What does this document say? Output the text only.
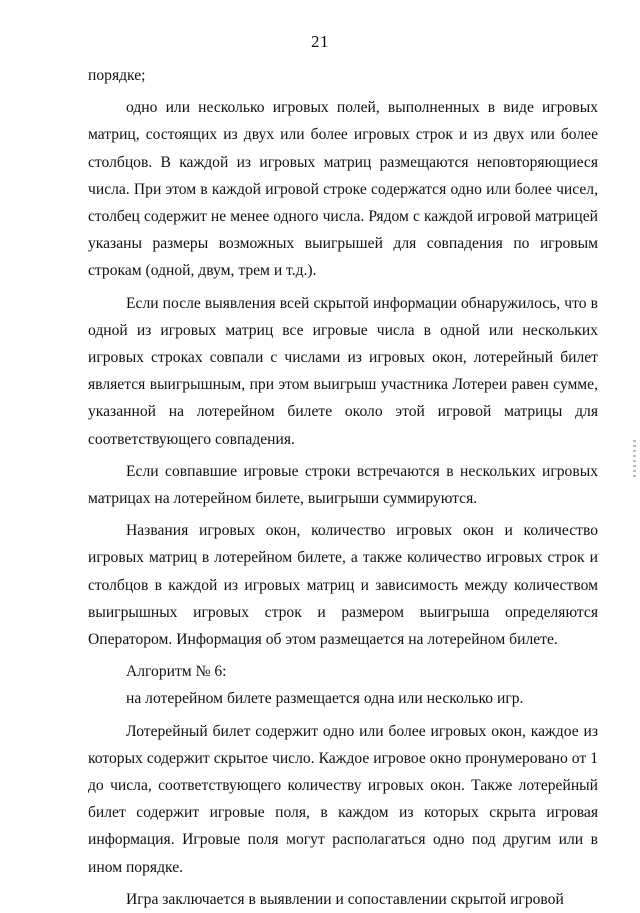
21

порядке;

одно или несколько игровых полей, выполненных в виде игровых матриц, состоящих из двух или более игровых строк и из двух или более столбцов. В каждой из игровых матриц размещаются неповторяющиеся числа. При этом в каждой игровой строке содержатся одно или более чисел, столбец содержит не менее одного числа. Рядом с каждой игровой матрицей указаны размеры возможных выигрышей для совпадения по игровым строкам (одной, двум, трем и т.д.).

Если после выявления всей скрытой информации обнаружилось, что в одной из игровых матриц все игровые числа в одной или нескольких игровых строках совпали с числами из игровых окон, лотерейный билет является выигрышным, при этом выигрыш участника Лотереи равен сумме, указанной на лотерейном билете около этой игровой матрицы для соответствующего совпадения.

Если совпавшие игровые строки встречаются в нескольких игровых матрицах на лотерейном билете, выигрыши суммируются.

Названия игровых окон, количество игровых окон и количество игровых матриц в лотерейном билете, а также количество игровых строк и столбцов в каждой из игровых матриц и зависимость между количеством выигрышных игровых строк и размером выигрыша определяются Оператором. Информация об этом размещается на лотерейном билете.

Алгоритм № 6:

на лотерейном билете размещается одна или несколько игр.

Лотерейный билет содержит одно или более игровых окон, каждое из которых содержит скрытое число. Каждое игровое окно пронумеровано от 1 до числа, соответствующего количеству игровых окон. Также лотерейный билет содержит игровые поля, в каждом из которых скрыта игровая информация. Игровые поля могут располагаться одно под другим или в ином порядке.

Игра заключается в выявлении и сопоставлении скрытой игровой
